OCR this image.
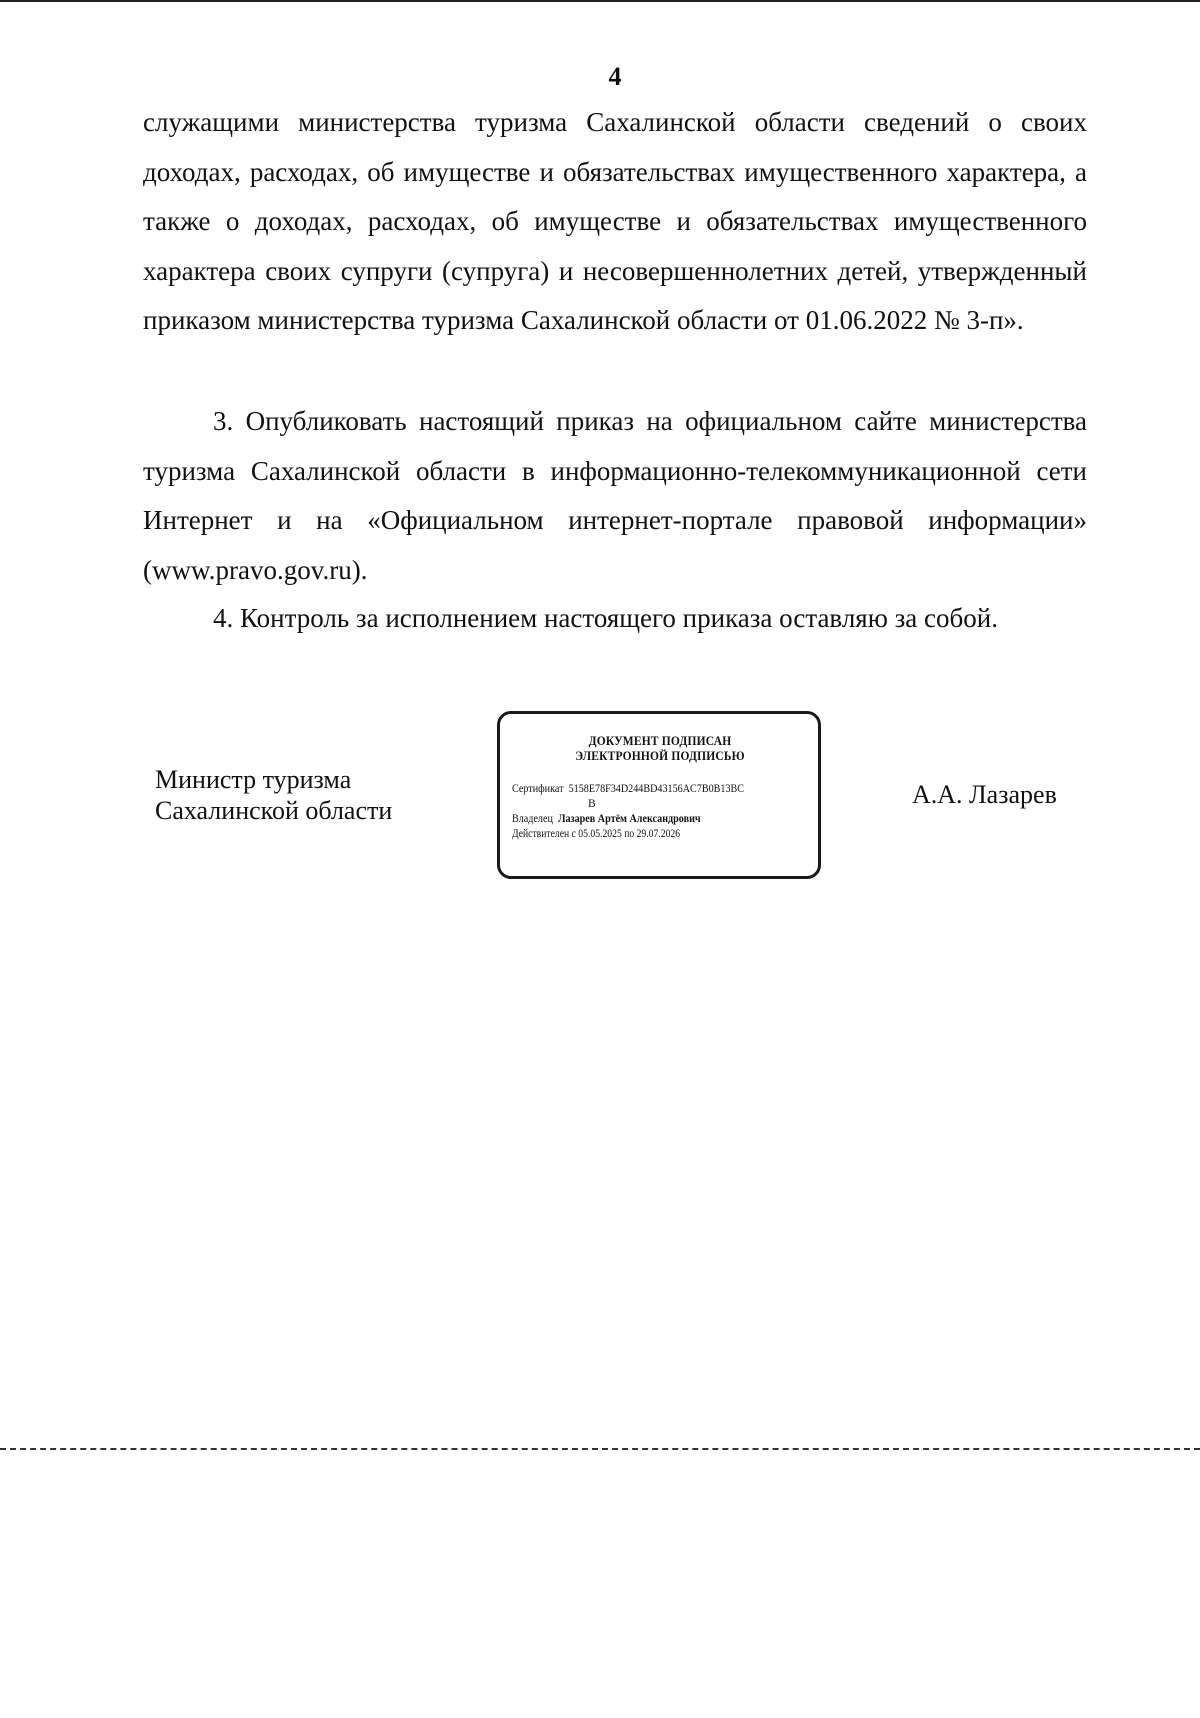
4

служащими министерства туризма Сахалинской области сведений о своих доходах, расходах, об имуществе и обязательствах имущественного характера, а также о доходах, расходах, об имуществе и обязательствах имущественного характера своих супруги (супруга) и несовершеннолетних детей, утвержденный приказом министерства туризма Сахалинской области от 01.06.2022 № 3-п».

3. Опубликовать настоящий приказ на официальном сайте министерства туризма Сахалинской области в информационно-телекоммуникационной сети Интернет и на «Официальном интернет-портале правовой информации» (www.pravo.gov.ru).

4. Контроль за исполнением настоящего приказа оставляю за собой.

Министр туризма
Сахалинской области
ДОКУМЕНТ ПОДПИСАН
ЭЛЕКТРОННОЙ ПОДПИСЬЮ
Сертификат 5158E78F34D244BD43156AC7B0B13BC
B
Владелец Лазарев Артём Александрович
Действителен с 05.05.2025 по 29.07.2026
А.А. Лазарев
